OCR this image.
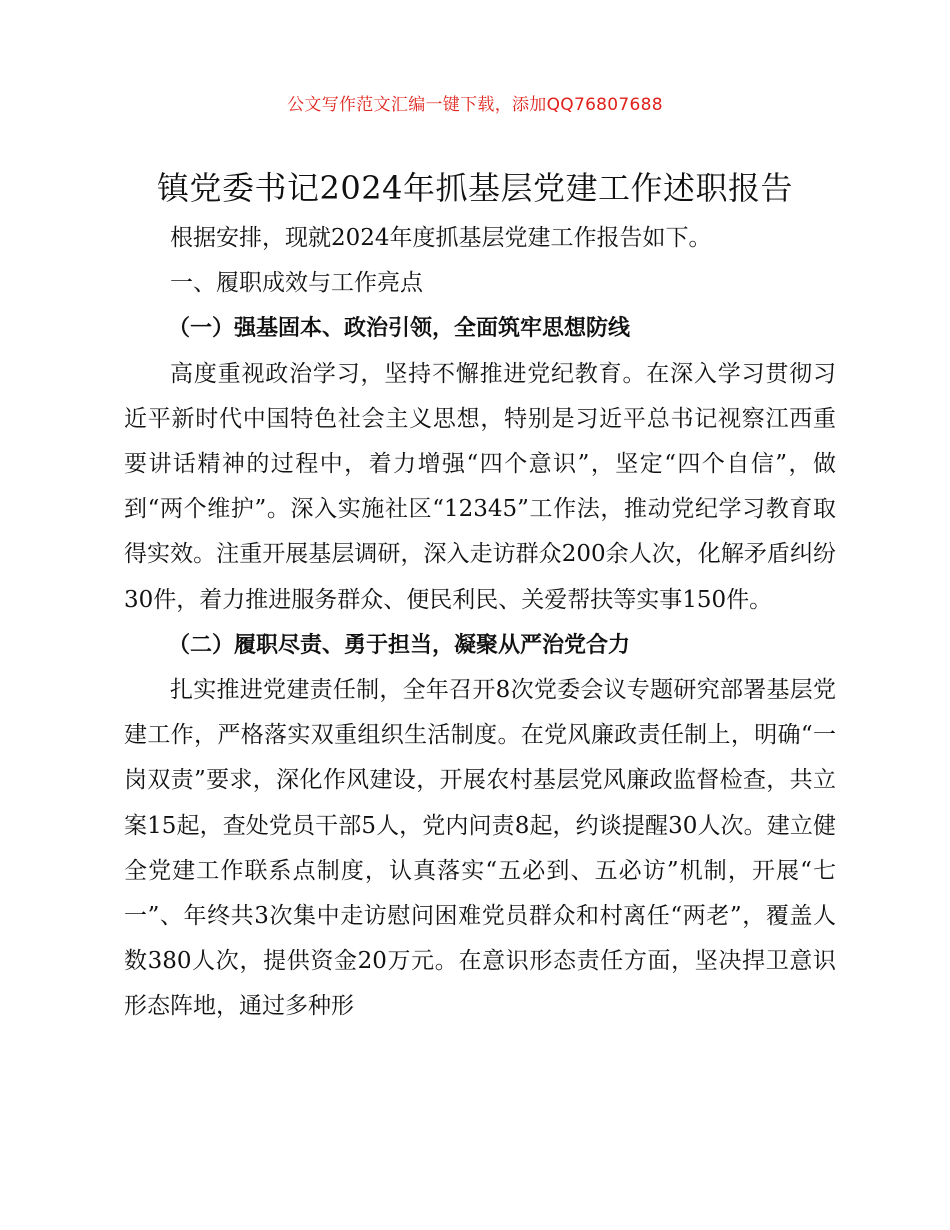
公文写作范文汇编一键下载，添加QQ76807688
镇党委书记2024年抓基层党建工作述职报告

根据安排，现就2024年度抓基层党建工作报告如下。

一、履职成效与工作亮点

（一）强基固本、政治引领，全面筑牢思想防线

高度重视政治学习，坚持不懈推进党纪教育。在深入学习贯彻习近平新时代中国特色社会主义思想，特别是习近平总书记视察江西重要讲话精神的过程中，着力增强“四个意识”，坚定“四个自信”，做到“两个维护”。深入实施社区“12345”工作法，推动党纪学习教育取得实效。注重开展基层调研，深入走访群众200余人次，化解矛盾纠纷30件，着力推进服务群众、便民利民、关爱帮扶等实事150件。

（二）履职尽责、勇于担当，凝聚从严治党合力

扎实推进党建责任制，全年召开8次党委会议专题研究部署基层党建工作，严格落实双重组织生活制度。在党风廉政责任制上，明确“一岗双责”要求，深化作风建设，开展农村基层党风廉政监督检查，共立案15起，查处党员干部5人，党内问责8起，约谈提醒30人次。建立健全党建工作联系点制度，认真落实“五必到、五必访”机制，开展“七一”、年终共3次集中走访慰问困难党员群众和村离任“两老”，覆盖人数380人次，提供资金20万元。在意识形态责任方面，坚决捍卫意识形态阵地，通过多种形
